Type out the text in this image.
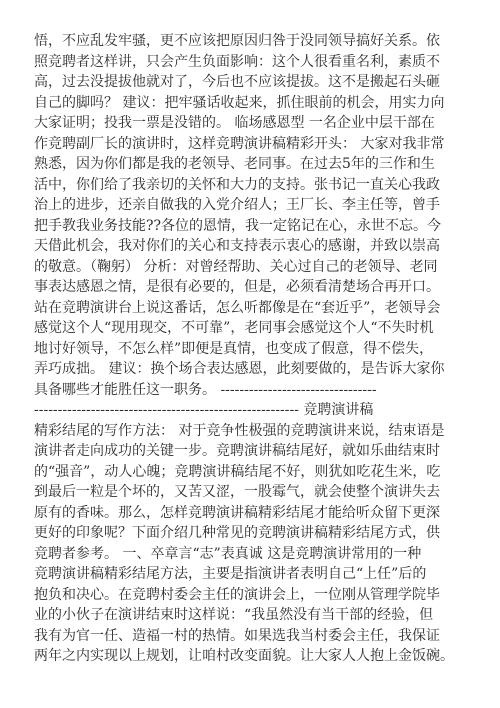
悟，不应乱发牢骚，更不应该把原因归咎于没同领导搞好关系。依
照竞聘者这样讲，只会产生负面影响：这个人很看重名利，素质不
高，过去没提拔他就对了，今后也不应该提拔。这不是搬起石头砸
自己的脚吗？ 建议：把牢骚话收起来，抓住眼前的机会，用实力向
大家证明；投我一票是没错的。 临场感恩型 一名企业中层干部在
作竞聘副厂长的演讲时，这样竞聘演讲稿精彩开头： 大家对我非常
熟悉，因为你们都是我的老领导、老同事。在过去5年的三作和生
活中，你们给了我亲切的关怀和大力的支持。张书记一直关心我政
治上的进步，还亲自做我的入党介绍人；王厂长、李主任等，曾手
把手教我业务技能??各位的恩情，我一定铭记在心，永世不忘。今
天借此机会，我对你们的关心和支持表示衷心的感谢，并致以崇高
的敬意。（鞠躬） 分析：对曾经帮助、关心过自己的老领导、老同
事表达感恩之情，是很有必要的，但是，必须看清楚场合再开口。
站在竞聘演讲台上说这番话，怎么听都像是在“套近乎”，老领导会
感觉这个人“现用现交，不可靠”，老同事会感觉这个人“不失时机
地讨好领导，不怎么样”即便是真情，也变成了假意，得不偿失，
弄巧成拙。 建议：换个场合表达感恩，此刻要做的，是告诉大家你
具备哪些才能胜任这一职务。 ---------------------------------
-------------------------------------------------------- 竞聘演讲稿
精彩结尾的写作方法： 对于竞争性极强的竞聘演讲来说，结束语是
演讲者走向成功的关键一步。竞聘演讲稿结尾好，就如乐曲结束时
的“强音”，动人心魄；竞聘演讲稿结尾不好，则犹如吃花生米，吃
到最后一粒是个坏的，又苦又涩，一股霉气，就会使整个演讲失去
原有的香味。那么，怎样竞聘演讲稿精彩结尾才能给听众留下更深
更好的印象呢？下面介绍几种常见的竞聘演讲稿精彩结尾方式，供
竞聘者参考。 一、卒章言“志”表真诚 这是竞聘演讲常用的一种
竞聘演讲稿精彩结尾方法，主要是指演讲者表明自己“上任”后的
抱负和决心。在竞聘村委会主任的演讲会上，一位刚从管理学院毕
业的小伙子在演讲结束时这样说：“我虽然没有当干部的经验，但
我有为官一任、造福一村的热情。如果选我当村委会主任，我保证
两年之内实现以上规划，让咱村改变面貌。让大家人人抱上金饭碗。
